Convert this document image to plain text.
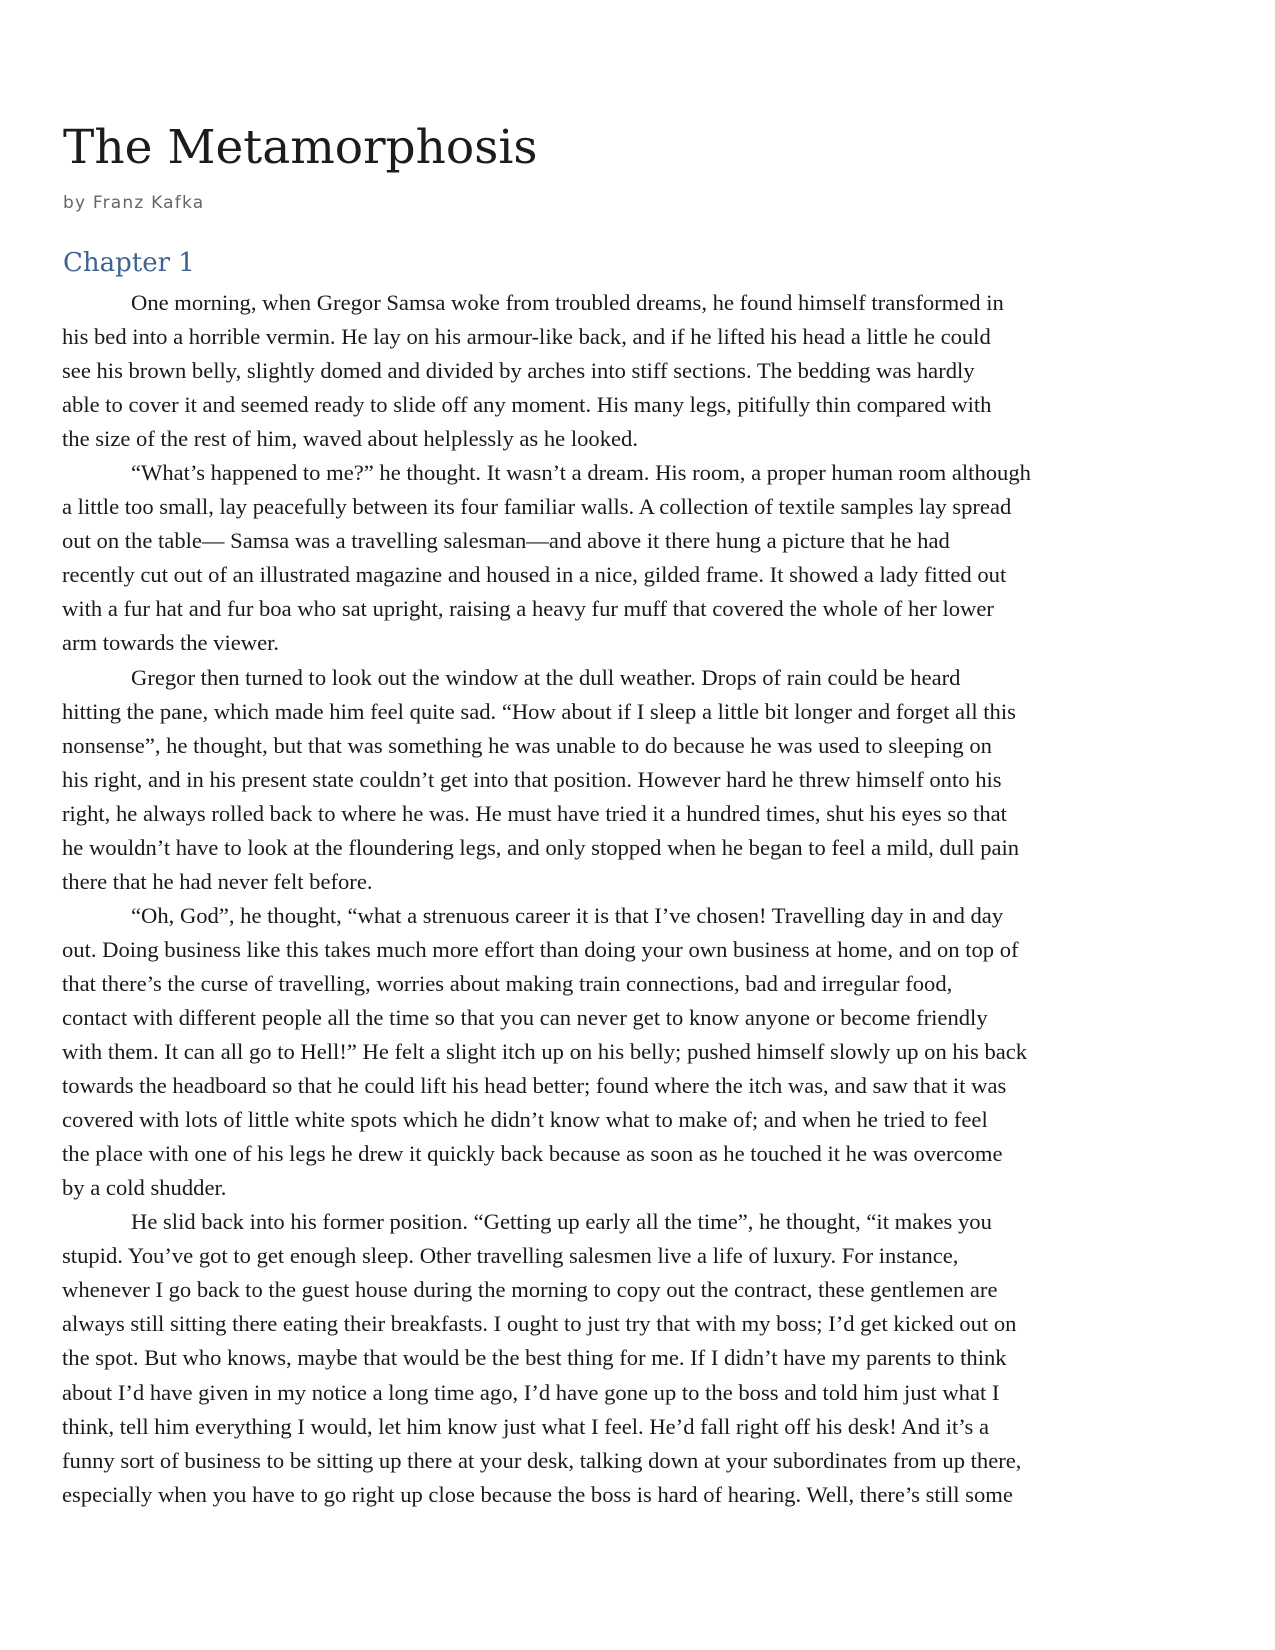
The Metamorphosis
by Franz Kafka
Chapter 1

One morning, when Gregor Samsa woke from troubled dreams, he found himself transformed in
his bed into a horrible vermin. He lay on his armour-like back, and if he lifted his head a little he could
see his brown belly, slightly domed and divided by arches into stiff sections. The bedding was hardly
able to cover it and seemed ready to slide off any moment. His many legs, pitifully thin compared with
the size of the rest of him, waved about helplessly as he looked.

“What’s happened to me?” he thought. It wasn’t a dream. His room, a proper human room although
a little too small, lay peacefully between its four familiar walls. A collection of textile samples lay spread
out on the table— Samsa was a travelling salesman—and above it there hung a picture that he had
recently cut out of an illustrated magazine and housed in a nice, gilded frame. It showed a lady fitted out
with a fur hat and fur boa who sat upright, raising a heavy fur muff that covered the whole of her lower
arm towards the viewer.

Gregor then turned to look out the window at the dull weather. Drops of rain could be heard
hitting the pane, which made him feel quite sad. “How about if I sleep a little bit longer and forget all this
nonsense”, he thought, but that was something he was unable to do because he was used to sleeping on
his right, and in his present state couldn’t get into that position. However hard he threw himself onto his
right, he always rolled back to where he was. He must have tried it a hundred times, shut his eyes so that
he wouldn’t have to look at the floundering legs, and only stopped when he began to feel a mild, dull pain
there that he had never felt before.

“Oh, God”, he thought, “what a strenuous career it is that I’ve chosen! Travelling day in and day
out. Doing business like this takes much more effort than doing your own business at home, and on top of
that there’s the curse of travelling, worries about making train connections, bad and irregular food,
contact with different people all the time so that you can never get to know anyone or become friendly
with them. It can all go to Hell!” He felt a slight itch up on his belly; pushed himself slowly up on his back
towards the headboard so that he could lift his head better; found where the itch was, and saw that it was
covered with lots of little white spots which he didn’t know what to make of; and when he tried to feel
the place with one of his legs he drew it quickly back because as soon as he touched it he was overcome
by a cold shudder.

He slid back into his former position. “Getting up early all the time”, he thought, “it makes you
stupid. You’ve got to get enough sleep. Other travelling salesmen live a life of luxury. For instance,
whenever I go back to the guest house during the morning to copy out the contract, these gentlemen are
always still sitting there eating their breakfasts. I ought to just try that with my boss; I’d get kicked out on
the spot. But who knows, maybe that would be the best thing for me. If I didn’t have my parents to think
about I’d have given in my notice a long time ago, I’d have gone up to the boss and told him just what I
think, tell him everything I would, let him know just what I feel. He’d fall right off his desk! And it’s a
funny sort of business to be sitting up there at your desk, talking down at your subordinates from up there,
especially when you have to go right up close because the boss is hard of hearing. Well, there’s still some
